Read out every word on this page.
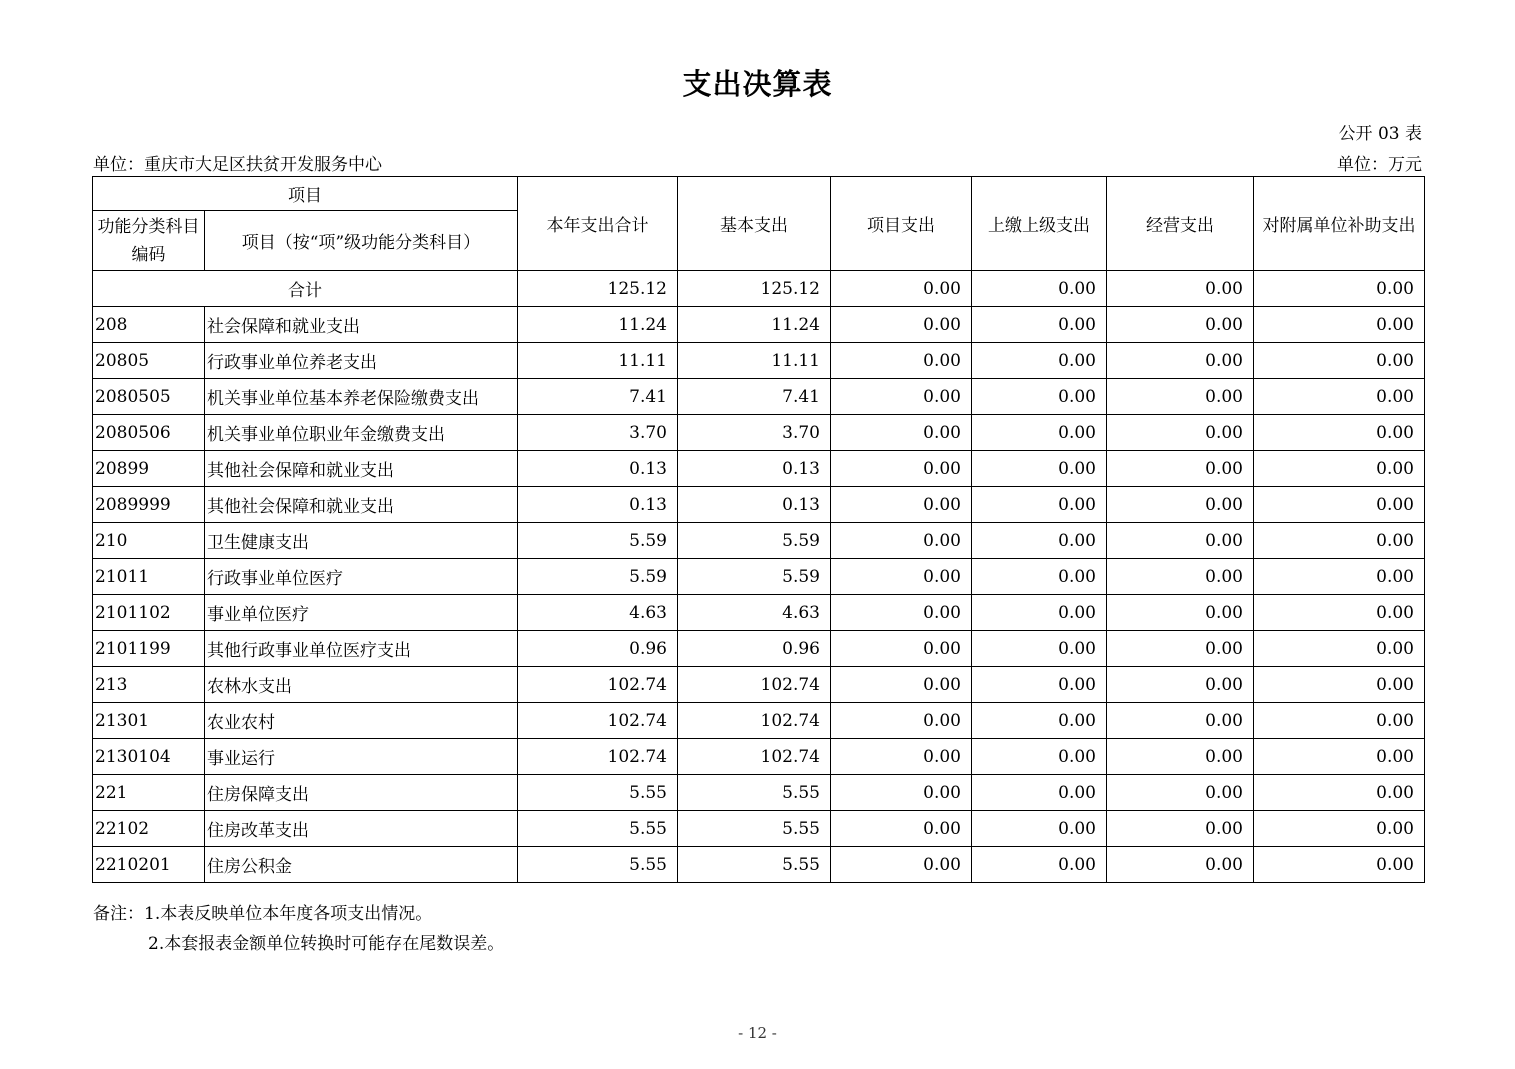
支出决算表
公开 03 表
单位：重庆市大足区扶贫开发服务中心	单位：万元
项目		本年支出合计	基本支出	项目支出	上缴上级支出	经营支出	对附属单位补助支出
功能分类科目编码	项目（按“项”级功能分类科目）						
合计		125.12	125.12	0.00	0.00	0.00	0.00
208	社会保障和就业支出	11.24	11.24	0.00	0.00	0.00	0.00
20805	行政事业单位养老支出	11.11	11.11	0.00	0.00	0.00	0.00
2080505	机关事业单位基本养老保险缴费支出	7.41	7.41	0.00	0.00	0.00	0.00
2080506	机关事业单位职业年金缴费支出	3.70	3.70	0.00	0.00	0.00	0.00
20899	其他社会保障和就业支出	0.13	0.13	0.00	0.00	0.00	0.00
2089999	其他社会保障和就业支出	0.13	0.13	0.00	0.00	0.00	0.00
210	卫生健康支出	5.59	5.59	0.00	0.00	0.00	0.00
21011	行政事业单位医疗	5.59	5.59	0.00	0.00	0.00	0.00
2101102	事业单位医疗	4.63	4.63	0.00	0.00	0.00	0.00
2101199	其他行政事业单位医疗支出	0.96	0.96	0.00	0.00	0.00	0.00
213	农林水支出	102.74	102.74	0.00	0.00	0.00	0.00
21301	农业农村	102.74	102.74	0.00	0.00	0.00	0.00
2130104	事业运行	102.74	102.74	0.00	0.00	0.00	0.00
221	住房保障支出	5.55	5.55	0.00	0.00	0.00	0.00
22102	住房改革支出	5.55	5.55	0.00	0.00	0.00	0.00
2210201	住房公积金	5.55	5.55	0.00	0.00	0.00	0.00
备注：1.本表反映单位本年度各项支出情况。
2.本套报表金额单位转换时可能存在尾数误差。
- 12 -
